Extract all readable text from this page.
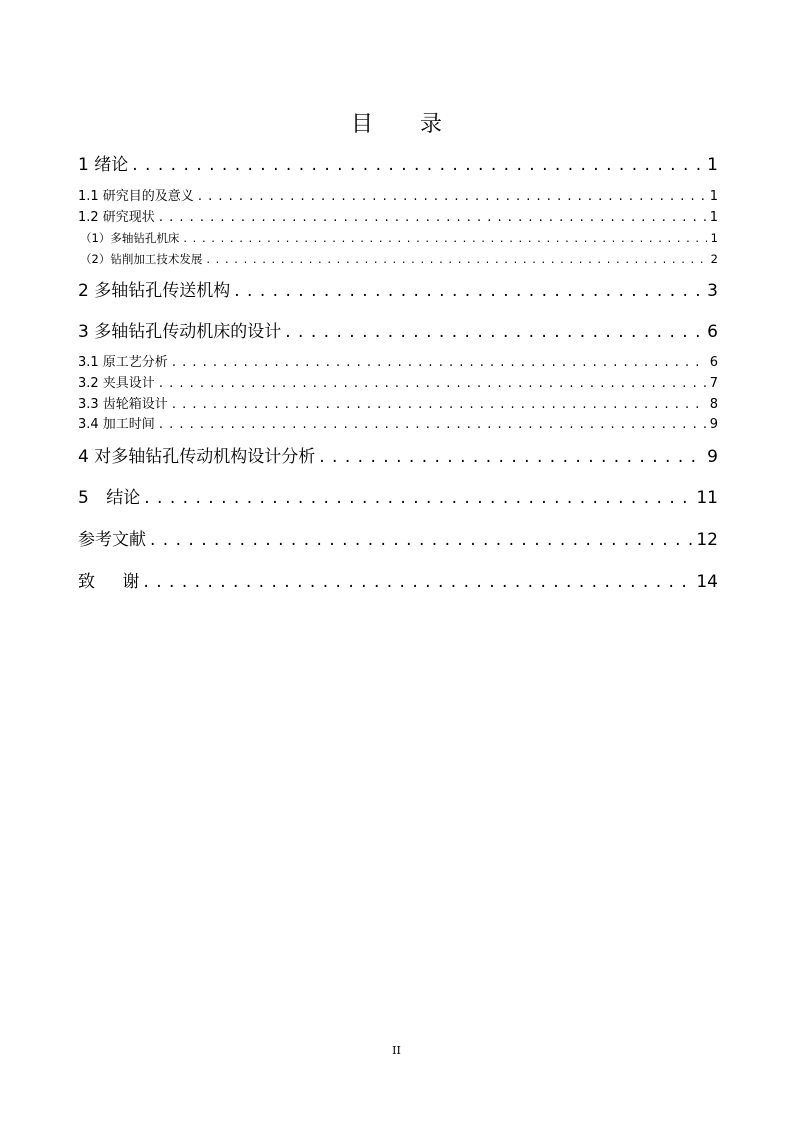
目 录
1 绪论 . . .	1
1.1 研究目的及意义 . . .	1
1.2 研究现状 . . .	1
（1）多轴钻孔机床 . . .	1
（2）钻削加工技术发展 . . .	2
2 多轴钻孔传送机构 . . .	3
3 多轴钻孔传动机床的设计 . . .	6
3.1 原工艺分析 . . .	6
3.2 夹具设计 . . .	7
3.3 齿轮箱设计 . . .	8
3.4 加工时间 . . .	9
4 对多轴钻孔传动机构设计分析 . . .	9
5 结论 . . .	11
参考文献 . . .	12
致 谢 . . .	14
II
